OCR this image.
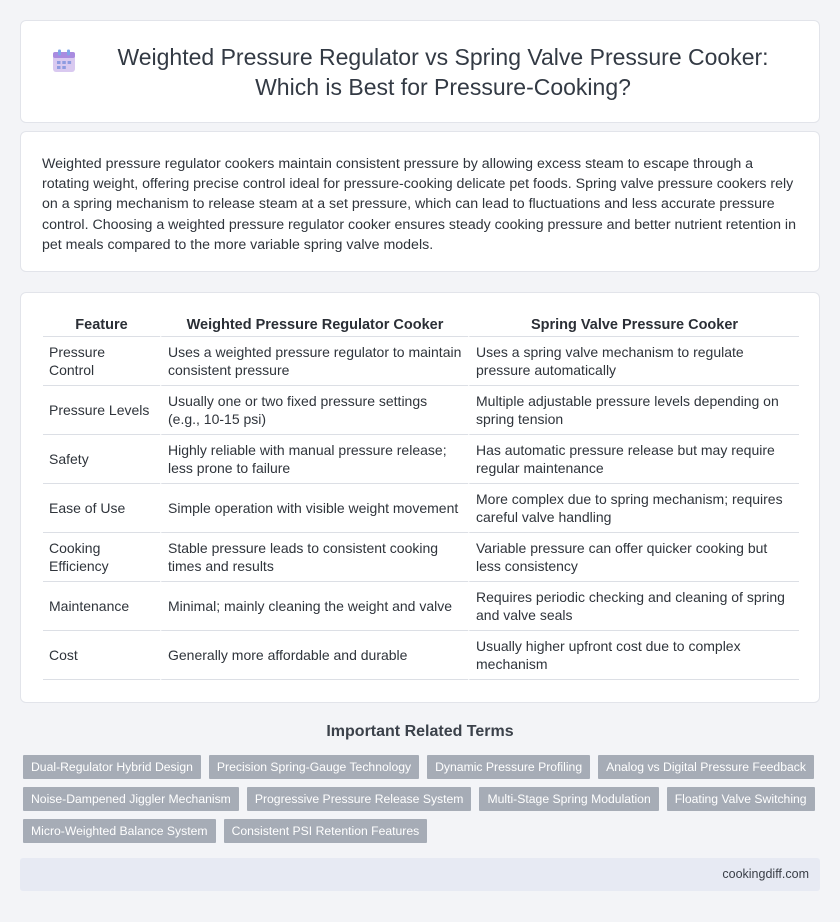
Weighted Pressure Regulator vs Spring Valve Pressure Cooker: Which is Best for Pressure-Cooking?

Weighted pressure regulator cookers maintain consistent pressure by allowing excess steam to escape through a rotating weight, offering precise control ideal for pressure-cooking delicate pet foods. Spring valve pressure cookers rely on a spring mechanism to release steam at a set pressure, which can lead to fluctuations and less accurate pressure control. Choosing a weighted pressure regulator cooker ensures steady cooking pressure and better nutrient retention in pet meals compared to the more variable spring valve models.

Feature	Weighted Pressure Regulator Cooker	Spring Valve Pressure Cooker
Pressure Control	Uses a weighted pressure regulator to maintain consistent pressure	Uses a spring valve mechanism to regulate pressure automatically
Pressure Levels	Usually one or two fixed pressure settings (e.g., 10-15 psi)	Multiple adjustable pressure levels depending on spring tension
Safety	Highly reliable with manual pressure release; less prone to failure	Has automatic pressure release but may require regular maintenance
Ease of Use	Simple operation with visible weight movement	More complex due to spring mechanism; requires careful valve handling
Cooking Efficiency	Stable pressure leads to consistent cooking times and results	Variable pressure can offer quicker cooking but less consistency
Maintenance	Minimal; mainly cleaning the weight and valve	Requires periodic checking and cleaning of spring and valve seals
Cost	Generally more affordable and durable	Usually higher upfront cost due to complex mechanism
Important Related Terms
Dual-Regulator Hybrid Design	Precision Spring-Gauge Technology	Dynamic Pressure Profiling	Analog vs Digital Pressure Feedback
Noise-Dampened Jiggler Mechanism	Progressive Pressure Release System	Multi-Stage Spring Modulation	Floating Valve Switching
Micro-Weighted Balance System	Consistent PSI Retention Features
cookingdiff.com
